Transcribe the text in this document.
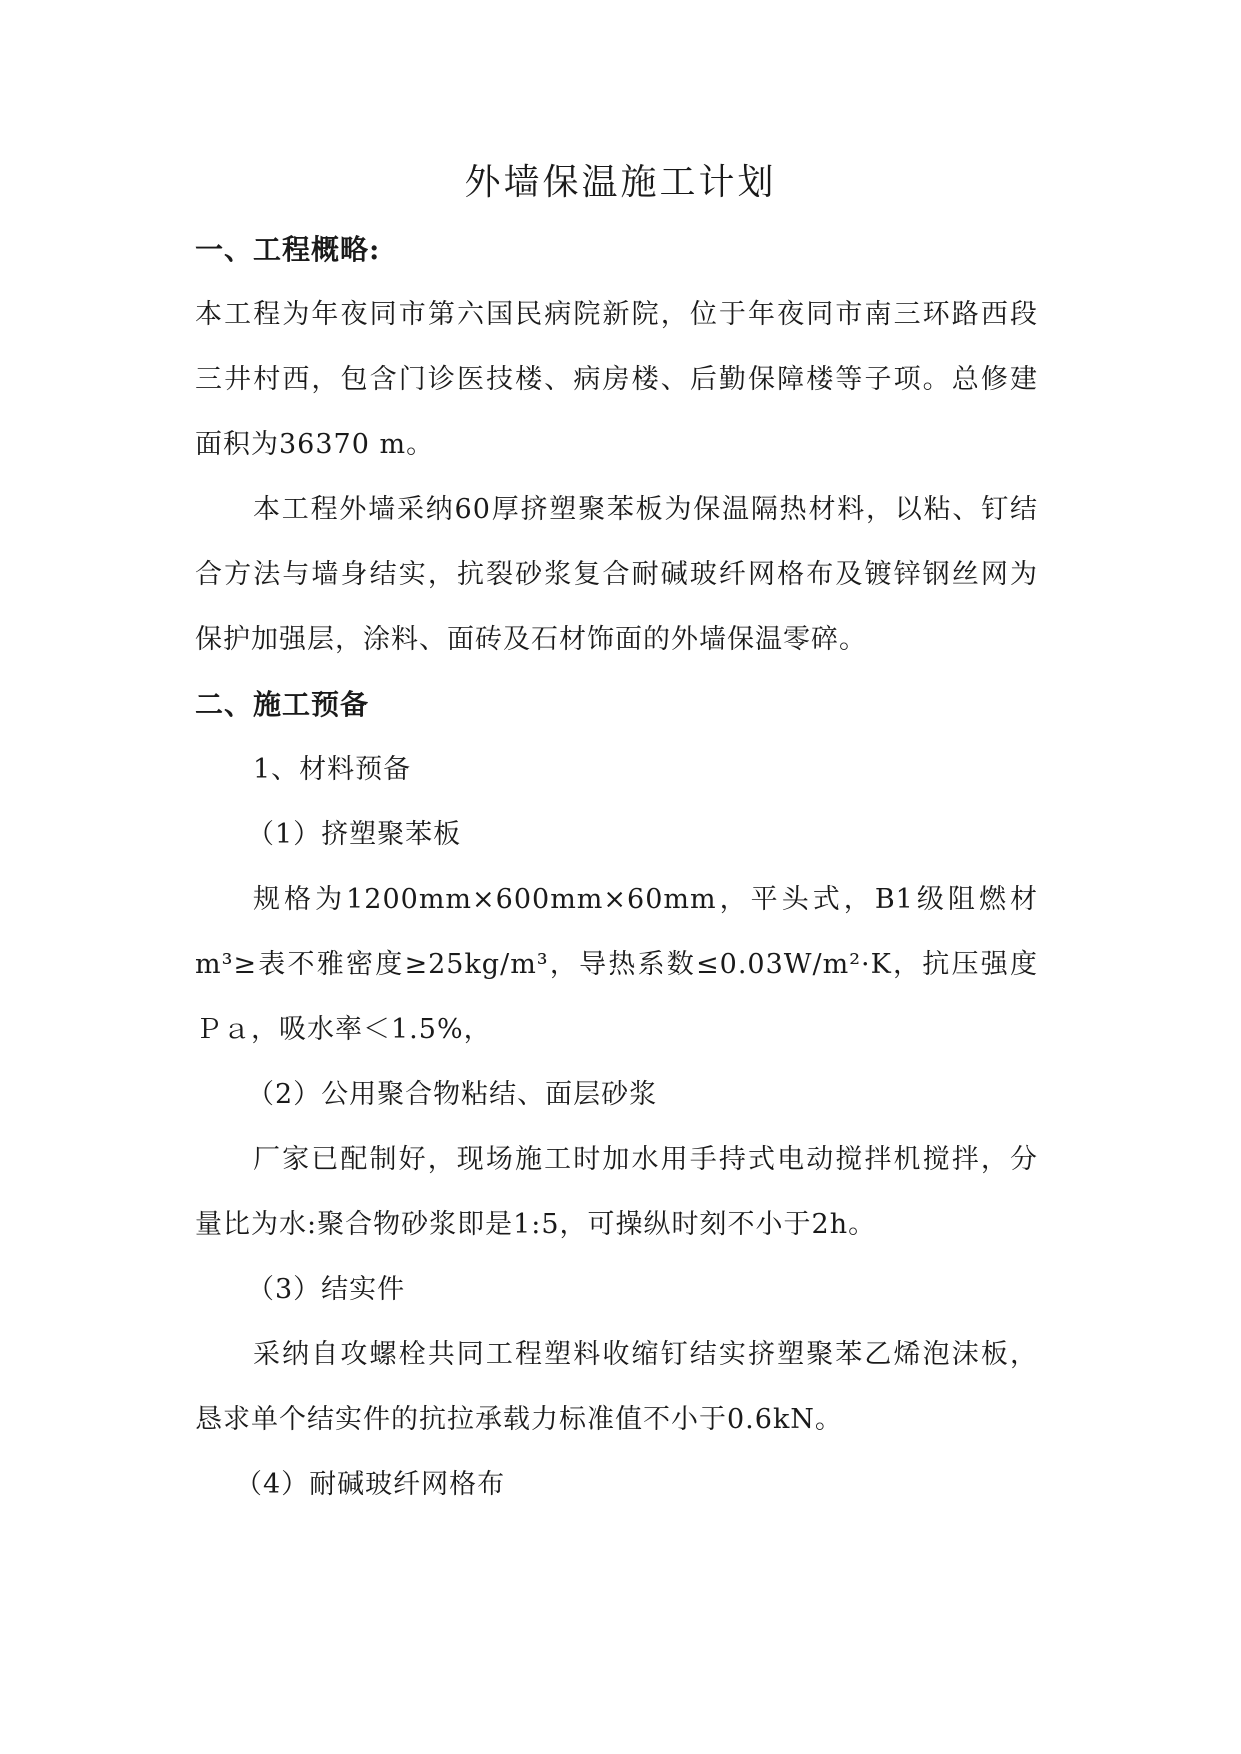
外墙保温施工计划
一、工程概略:
本工程为年夜同市第六国民病院新院，位于年夜同市南三环路西段
三井村西，包含门诊医技楼、病房楼、后勤保障楼等子项。总修建
面积为36370 m。
本工程外墙采纳60厚挤塑聚苯板为保温隔热材料，以粘、钉结
合方法与墙身结实，抗裂砂浆复合耐碱玻纤网格布及镀锌钢丝网为
保护加强层，涂料、面砖及石材饰面的外墙保温零碎。
二、施工预备
1、材料预备
（1）挤塑聚苯板
规格为1200mm×600mm×60mm，平头式，B1级阻燃材
m³≥表不雅密度≥25kg/m³，导热系数≤0.03W/m²·K，抗压强度
Ｐａ，吸水率＜1.5%，
（2）公用聚合物粘结、面层砂浆
厂家已配制好，现场施工时加水用手持式电动搅拌机搅拌，分
量比为水:聚合物砂浆即是1:5，可操纵时刻不小于2h。
（3）结实件
采纳自攻螺栓共同工程塑料收缩钉结实挤塑聚苯乙烯泡沫板，
恳求单个结实件的抗拉承载力标准值不小于0.6kN。
（4）耐碱玻纤网格布
